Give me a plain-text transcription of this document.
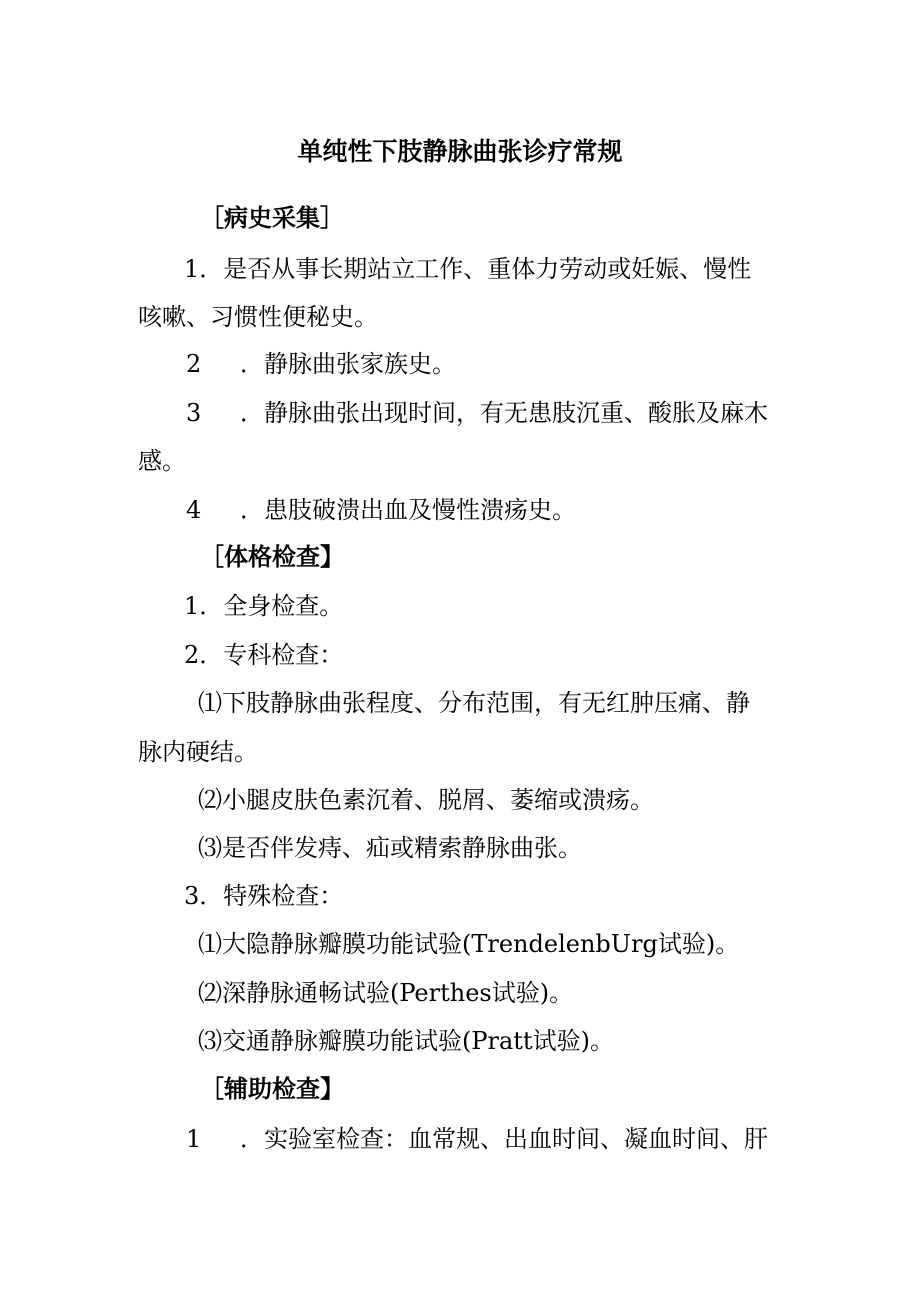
单纯性下肢静脉曲张诊疗常规
［病史采集］
1．是否从事长期站立工作、重体力劳动或妊娠、慢性
咳嗽、习惯性便秘史。
2 ．静脉曲张家族史。
3 ．静脉曲张出现时间，有无患肢沉重、酸胀及麻木
感。
4 ．患肢破溃出血及慢性溃疡史。
［体格检查】
1．全身检查。
2．专科检查：
⑴下肢静脉曲张程度、分布范围，有无红肿压痛、静
脉内硬结。
⑵小腿皮肤色素沉着、脱屑、萎缩或溃疡。
⑶是否伴发痔、疝或精索静脉曲张。
3．特殊检查：
⑴大隐静脉瓣膜功能试验(TrendelenbUrg试验)。
⑵深静脉通畅试验(Perthes试验)。
⑶交通静脉瓣膜功能试验(Pratt试验)。
［辅助检查】
1 ．实验室检查：血常规、出血时间、凝血时间、肝
